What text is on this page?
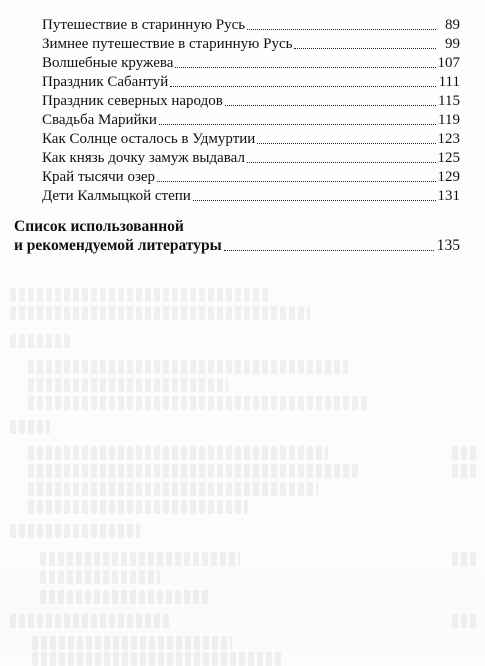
Путешествие в старинную Русь	89
Зимнее путешествие в старинную Русь	99
Волшебные кружева	107
Праздник Сабантуй	111
Праздник северных народов	115
Свадьба Марийки	119
Как Солнце осталось в Удмуртии	123
Как князь дочку замуж выдавал	125
Край тысячи озер	129
Дети Калмыцкой степи	131
Список использованной
и рекомендуемой литературы	135
